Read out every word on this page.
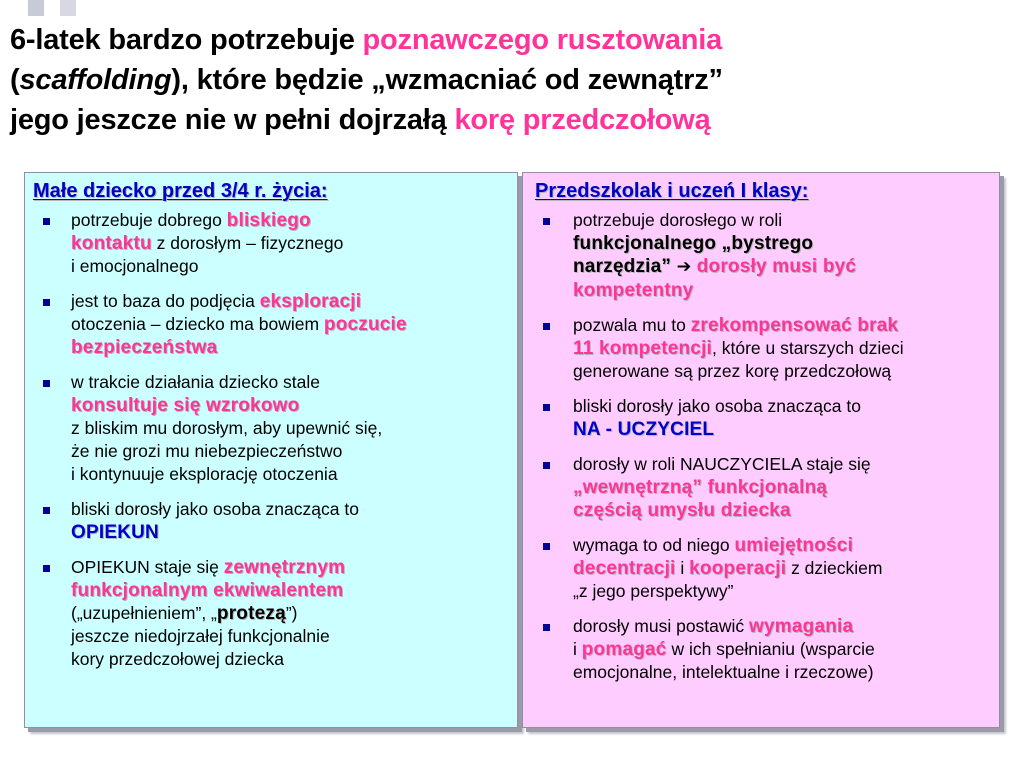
6-latek bardzo potrzebuje poznawczego rusztowania
(scaffolding), które będzie „wzmacniać od zewnątrz”
jego jeszcze nie w pełni dojrzałą korę przedczołową
Małe dziecko przed 3/4 r. życia:
potrzebuje dobrego bliskiego
kontaktu z dorosłym – fizycznego
i emocjonalnego
jest to baza do podjęcia eksploracji
otoczenia – dziecko ma bowiem poczucie
bezpieczeństwa
w trakcie działania dziecko stale
konsultuje się wzrokowo
z bliskim mu dorosłym, aby upewnić się,
że nie grozi mu niebezpieczeństwo
i kontynuuje eksplorację otoczenia
bliski dorosły jako osoba znacząca to
OPIEKUN
OPIEKUN staje się zewnętrznym
funkcjonalnym ekwiwalentem
(„uzupełnieniem”, „protezą”)
jeszcze niedojrzałej funkcjonalnie
kory przedczołowej dziecka
Przedszkolak i uczeń I klasy:
potrzebuje dorosłego w roli
funkcjonalnego „bystrego
narzędzia” ➔ dorosły musi być
kompetentny
pozwala mu to zrekompensować brak
11 kompetencji, które u starszych dzieci
generowane są przez korę przedczołową
bliski dorosły jako osoba znacząca to
NA - UCZYCIEL
dorosły w roli NAUCZYCIELA staje się
„wewnętrzną” funkcjonalną
częścią umysłu dziecka
wymaga to od niego umiejętności
decentracji i kooperacji z dzieckiem
„z jego perspektywy”
dorosły musi postawić wymagania
i pomagać w ich spełnianiu (wsparcie
emocjonalne, intelektualne i rzeczowe)
